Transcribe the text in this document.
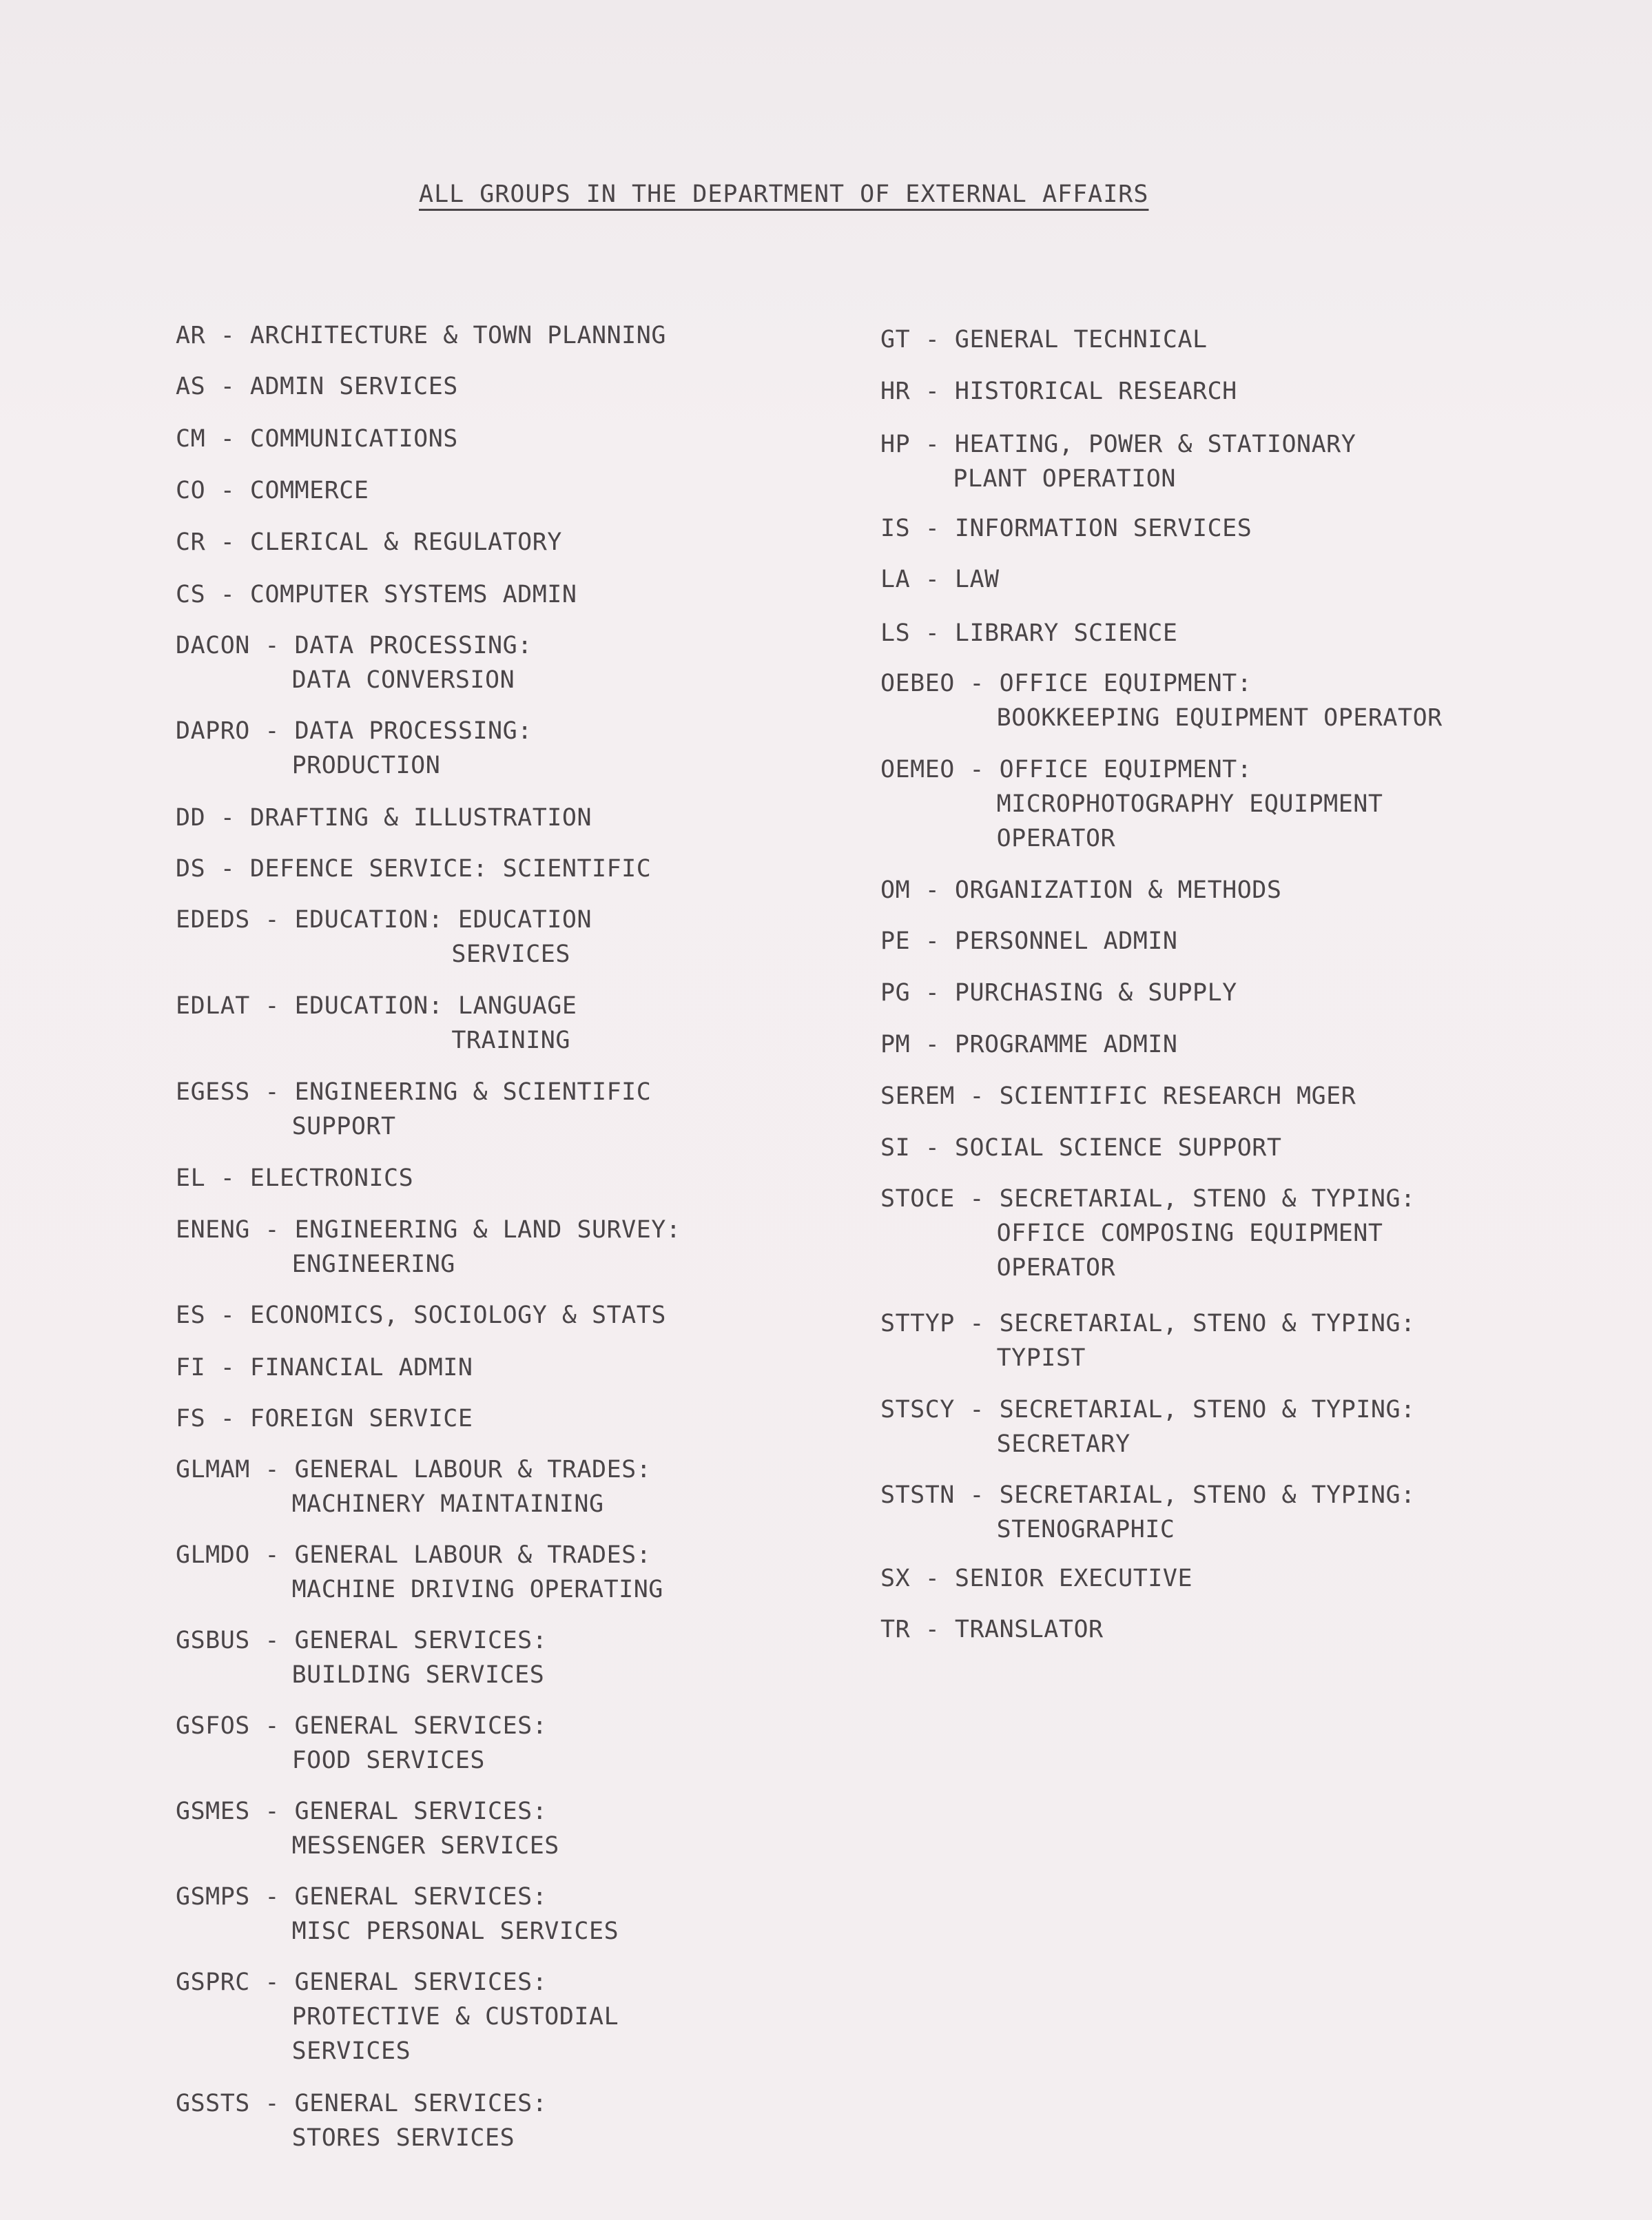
ALL GROUPS IN THE DEPARTMENT OF EXTERNAL AFFAIRS
AR - ARCHITECTURE & TOWN PLANNING
AS - ADMIN SERVICES
CM - COMMUNICATIONS
CO - COMMERCE
CR - CLERICAL & REGULATORY
CS - COMPUTER SYSTEMS ADMIN
DACON - DATA PROCESSING:
DATA CONVERSION
DAPRO - DATA PROCESSING:
PRODUCTION
DD - DRAFTING & ILLUSTRATION
DS - DEFENCE SERVICE: SCIENTIFIC
EDEDS - EDUCATION: EDUCATION
SERVICES
EDLAT - EDUCATION: LANGUAGE
TRAINING
EGESS - ENGINEERING & SCIENTIFIC
SUPPORT
EL - ELECTRONICS
ENENG - ENGINEERING & LAND SURVEY:
ENGINEERING
ES - ECONOMICS, SOCIOLOGY & STATS
FI - FINANCIAL ADMIN
FS - FOREIGN SERVICE
GLMAM - GENERAL LABOUR & TRADES:
MACHINERY MAINTAINING
GLMDO - GENERAL LABOUR & TRADES:
MACHINE DRIVING OPERATING
GSBUS - GENERAL SERVICES:
BUILDING SERVICES
GSFOS - GENERAL SERVICES:
FOOD SERVICES
GSMES - GENERAL SERVICES:
MESSENGER SERVICES
GSMPS - GENERAL SERVICES:
MISC PERSONAL SERVICES
GSPRC - GENERAL SERVICES:
PROTECTIVE & CUSTODIAL
SERVICES
GSSTS - GENERAL SERVICES:
STORES SERVICES
GT - GENERAL TECHNICAL
HR - HISTORICAL RESEARCH
HP - HEATING, POWER & STATIONARY
PLANT OPERATION
IS - INFORMATION SERVICES
LA - LAW
LS - LIBRARY SCIENCE
OEBEO - OFFICE EQUIPMENT:
BOOKKEEPING EQUIPMENT OPERATOR
OEMEO - OFFICE EQUIPMENT:
MICROPHOTOGRAPHY EQUIPMENT
OPERATOR
OM - ORGANIZATION & METHODS
PE - PERSONNEL ADMIN
PG - PURCHASING & SUPPLY
PM - PROGRAMME ADMIN
SEREM - SCIENTIFIC RESEARCH MGER
SI - SOCIAL SCIENCE SUPPORT
STOCE - SECRETARIAL, STENO & TYPING:
OFFICE COMPOSING EQUIPMENT
OPERATOR
STTYP - SECRETARIAL, STENO & TYPING:
TYPIST
STSCY - SECRETARIAL, STENO & TYPING:
SECRETARY
STSTN - SECRETARIAL, STENO & TYPING:
STENOGRAPHIC
SX - SENIOR EXECUTIVE
TR - TRANSLATOR
